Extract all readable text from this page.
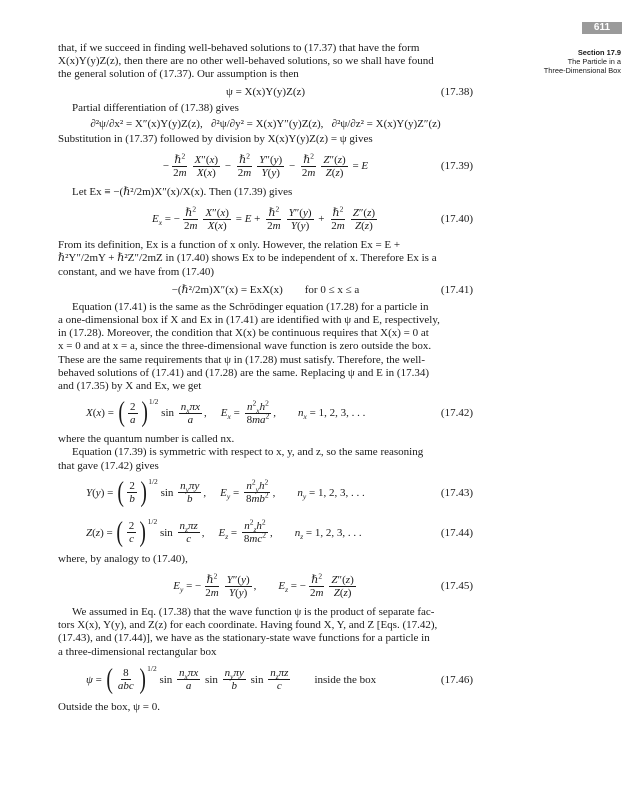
611
Section 17.9
The Particle in a
Three-Dimensional Box

that, if we succeed in finding well-behaved solutions to (17.37) that have the form

X(x)Y(y)Z(z), then there are no other well-behaved solutions, so we shall have found

the general solution of (17.37). Our assumption is then

ψ = X(x)Y(y)Z(z)	(17.38)

Partial differentiation of (17.38) gives

∂²ψ/∂x² = X″(x)Y(y)Z(z),   ∂²ψ/∂y² = X(x)Y″(y)Z(z),   ∂²ψ/∂z² = X(x)Y(y)Z″(z)

Substitution in (17.37) followed by division by X(x)Y(y)Z(z) = ψ gives

− $\frac{\hbar^2}{2m} \frac{X''(x)}{X(x)} - \frac{\hbar^2}{2m} \frac{Y''(y)}{Y(y)} - \frac{\hbar^2}{2m} \frac{Z''(z)}{Z(z)} = E$	(17.39)

Let Ex ≡ −(ℏ²/2m)X″(x)/X(x). Then (17.39) gives

$E_x$ = − $\frac{\hbar^2}{2m} \frac{X''(x)}{X(x)} = E + \frac{\hbar^2}{2m} \frac{Y''(y)}{Y(y)} + \frac{\hbar^2}{2m} \frac{Z''(z)}{Z(z)}$	(17.40)

From its definition, Ex is a function of x only. However, the relation Ex = E +

ℏ²Y″/2mY + ℏ²Z″/2mZ in (17.40) shows Ex to be independent of x. Therefore Ex is a

constant, and we have from (17.40)

−(ℏ²/2m)X″(x) = ExX(x) for 0 ≤ x ≤ a	(17.41)

Equation (17.41) is the same as the Schrödinger equation (17.28) for a particle in

a one-dimensional box if X and Ex in (17.41) are identified with ψ and E, respectively,

in (17.28). Moreover, the condition that X(x) be continuous requires that X(x) = 0 at

x = 0 and at x = a, since the three-dimensional wave function is zero outside the box.

These are the same requirements that ψ in (17.28) must satisfy. Therefore, the well-

behaved solutions of (17.41) and (17.28) are the same. Replacing ψ and E in (17.34)

and (17.35) by X and Ex, we get

X(x) = ( $\frac{2}{a}$ ) 1/2
$\sin \frac{n_x\pi x}{a}$ , $E_x = \frac{n^2_xh^2}{8ma^2}$ , $n_x = 1$, 2, 3, . . .	(17.42)

where the quantum number is called nx.

Equation (17.39) is symmetric with respect to x, y, and z, so the same reasoning

that gave (17.42) gives

Y(y) = ( $\frac{2}{b}$ ) 1/2
$\sin \frac{n_y\pi y}{b}$ , $E_y = \frac{n^2_yh^2}{8mb^2}$ , $n_y = 1$, 2, 3, . . .	(17.43)
Z(z) = ( $\frac{2}{c}$ ) 1/2
$\sin \frac{n_z\pi z}{c}$ , $E_z = \frac{n^2_zh^2}{8mc^2}$ , $n_z = 1$, 2, 3, . . .	(17.44)

where, by analogy to (17.40),

$E_y$ = − $\frac{\hbar^2}{2m} \frac{Y''(y)}{Y(y)}$ , $E_z$ = − $\frac{\hbar^2}{2m} \frac{Z''(z)}{Z(z)}$	(17.45)

We assumed in Eq. (17.38) that the wave function ψ is the product of separate fac-

tors X(x), Y(y), and Z(z) for each coordinate. Having found X, Y, and Z [Eqs. (17.42),

(17.43), and (17.44)], we have as the stationary-state wave functions for a particle in

a three-dimensional rectangular box

ψ = ( $\frac{8}{\text{abc}}$ ) 1/2
$\sin \frac{n_x\pi x}{a}$ $\sin \frac{n_y\pi y}{b}$ $\sin \frac{n_z\pi z}{c}$ inside the box	(17.46)

Outside the box, ψ = 0.
